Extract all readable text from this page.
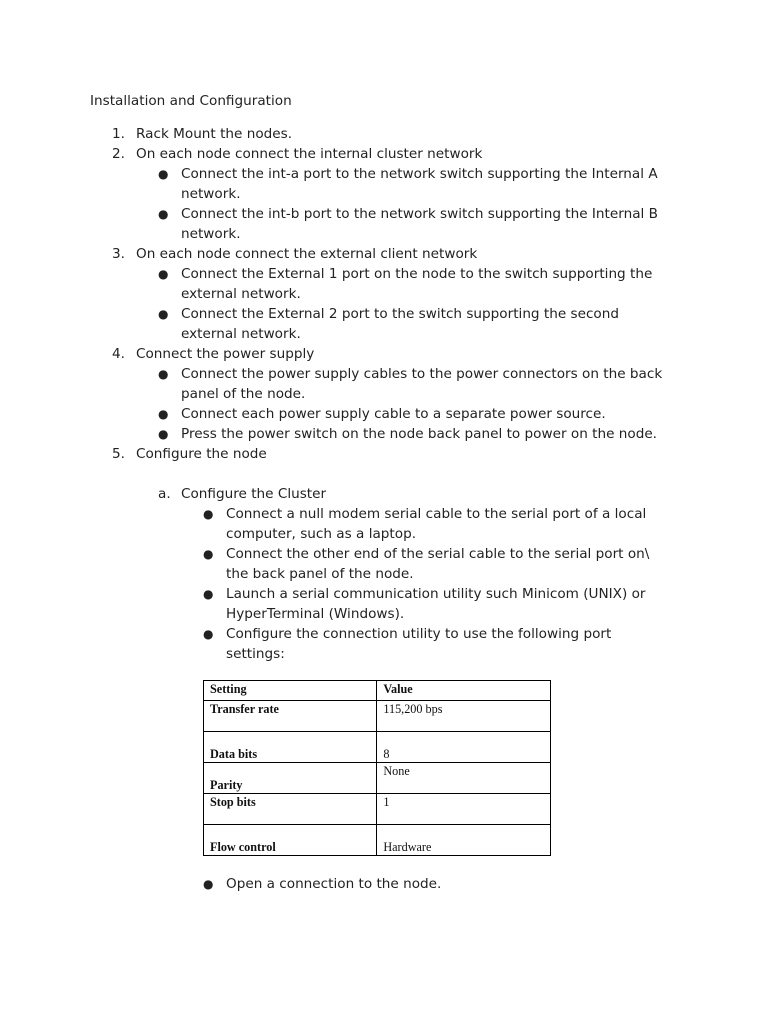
Installation and Configuration
1. Rack Mount the nodes.
2. On each node connect the internal cluster network
● Connect the int-a port to the network switch supporting the Internal A network.
● Connect the int-b port to the network switch supporting the Internal B network.
3. On each node connect the external client network
● Connect the External 1 port on the node to the switch supporting the external network.
● Connect the External 2 port to the switch supporting the second external network.
4. Connect the power supply
● Connect the power supply cables to the power connectors on the back panel of the node.
● Connect each power supply cable to a separate power source.
● Press the power switch on the node back panel to power on the node.
5. Configure the node
a. Configure the Cluster
● Connect a null modem serial cable to the serial port of a local computer, such as a laptop.
● Connect the other end of the serial cable to the serial port on\ the back panel of the node.
● Launch a serial communication utility such Minicom (UNIX) or HyperTerminal (Windows).
● Configure the connection utility to use the following port settings:
Setting	Value
Transfer rate	115,200 bps
Data bits	8
Parity	None
Stop bits	1
Flow control	Hardware
● Open a connection to the node.
